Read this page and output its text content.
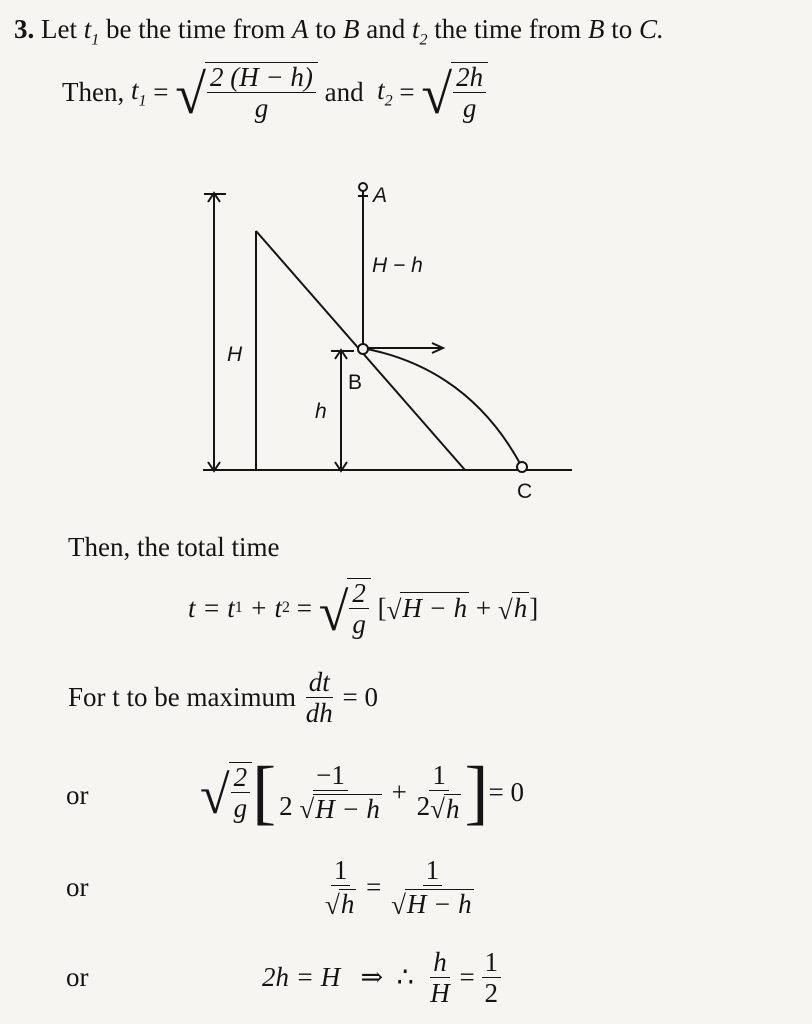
3. Let $t_1$ be the time from A to B and $t_2$ the time from B to C.
Then,
$t_1$
=
√ $\frac{2 (H - h)}{g}$
and
$t_2$
=
√ $\frac{2h}{g}$
A
H − h
H
B
h
C
Then, the total time
t = t 1
+ t 2
=
√ $\frac{2}{g}$
[ √ H − h
+
√ h ]
For t to be maximum
$\frac{dt}{dh}$
= 0
or √ $\frac{2}{g}$ [ $\frac{-1}{2 √ H - h}$
+
$\frac{1}{2 √ h}$ ] = 0
or	$\frac{1}{√ h}$
=
$\frac{1}{√ H - h}$
or	2h = H
⇒
∴
$\frac{h}{H}$
=
$\frac{1}{2}$
